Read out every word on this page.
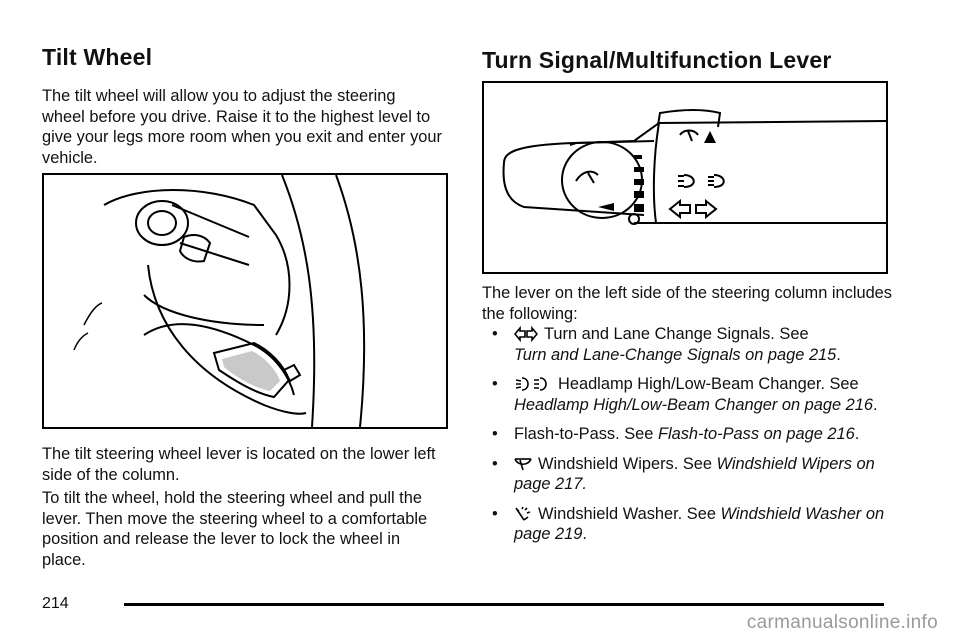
Tilt Wheel

The tilt wheel will allow you to adjust the steering wheel before you drive. Raise it to the highest level to give your legs more room when you exit and enter your vehicle.

The tilt steering wheel lever is located on the lower left side of the column.

To tilt the wheel, hold the steering wheel and pull the lever. Then move the steering wheel to a comfortable position and release the lever to lock the wheel in place.

Turn Signal/Multifunction Lever

The lever on the left side of the steering column includes the following:

•	Turn and Lane Change Signals. See
Turn and Lane-Change Signals on page 215.
•	Headlamp High/Low-Beam Changer. See Headlamp High/Low-Beam Changer on page 216.
• Flash-to-Pass. See Flash-to-Pass on page 216.
• Windshield Wipers. See Windshield Wipers on page 217.
• Windshield Washer. See Windshield Washer on page 219.
214
carmanualsonline.info
